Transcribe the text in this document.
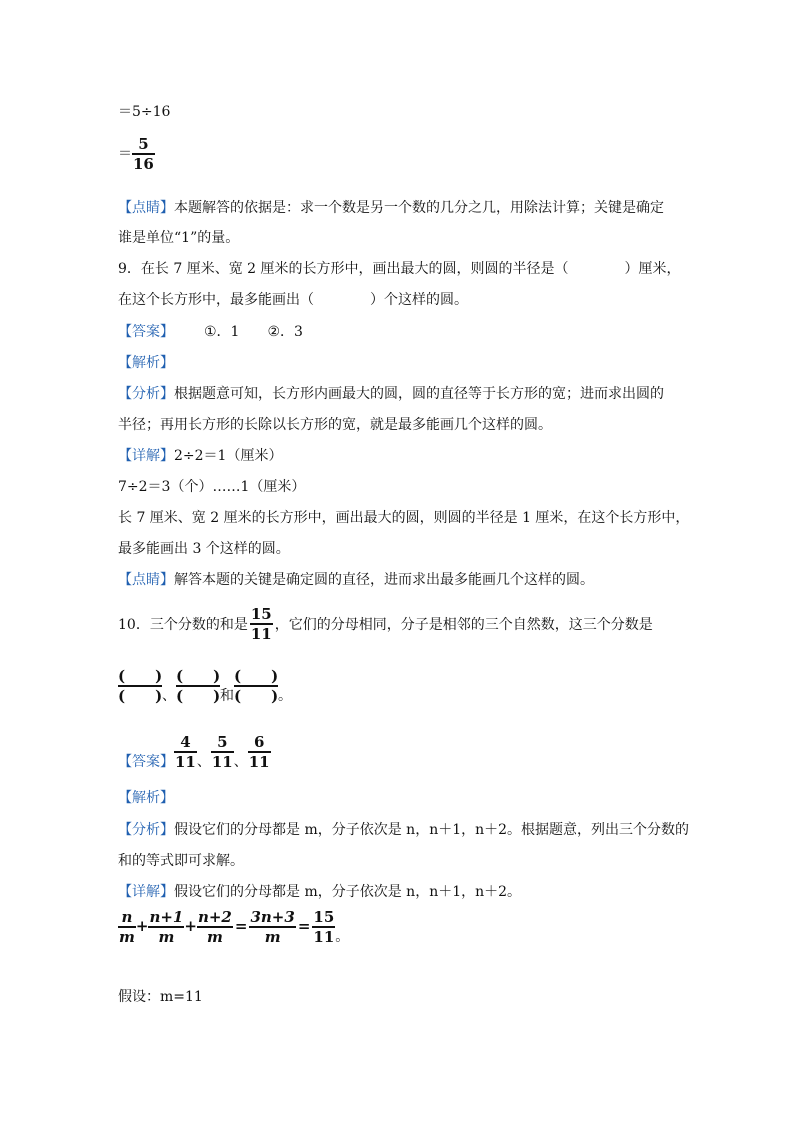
＝5÷16
＝ $\frac{5}{16}$
【点睛】本题解答的依据是：求一个数是另一个数的几分之几，用除法计算；关键是确定
谁是单位“1”的量。
9．在长 7 厘米、宽 2 厘米的长方形中，画出最大的圆，则圆的半径是（　　　　）厘米，
在这个长方形中，最多能画出（　　　　）个这样的圆。
【答案】 ①．1　　②．3
【解析】
【分析】根据题意可知，长方形内画最大的圆，圆的直径等于长方形的宽；进而求出圆的
半径；再用长方形的长除以长方形的宽，就是最多能画几个这样的圆。
【详解】2÷2＝1（厘米）
7÷2＝3（个）……1（厘米）
长 7 厘米、宽 2 厘米的长方形中，画出最大的圆，则圆的半径是 1 厘米，在这个长方形中，
最多能画出 3 个这样的圆。
【点睛】解答本题的关键是确定圆的直径，进而求出最多能画几个这样的圆。
10．三个分数的和是 $\frac{15}{11}$ ，它们的分母相同，分子是相邻的三个自然数，这三个分数是
$\frac{( )}{( )}$ 、 $\frac{( )}{( )}$ 和 $\frac{( )}{( )}$ 。
【答案】 $\frac{4}{11}$ 、 $\frac{5}{11}$ 、 $\frac{6}{11}$
【解析】
【分析】假设它们的分母都是 m，分子依次是 n，n＋1，n＋2。根据题意，列出三个分数的
和的等式即可求解。
【详解】假设它们的分母都是 m，分子依次是 n，n＋1，n＋2。
$\frac{n}{m} + \frac{n+1}{m} + \frac{n+2}{m} = \frac{3n+3}{m} = \frac{15}{11}$ 。
假设：m=11
